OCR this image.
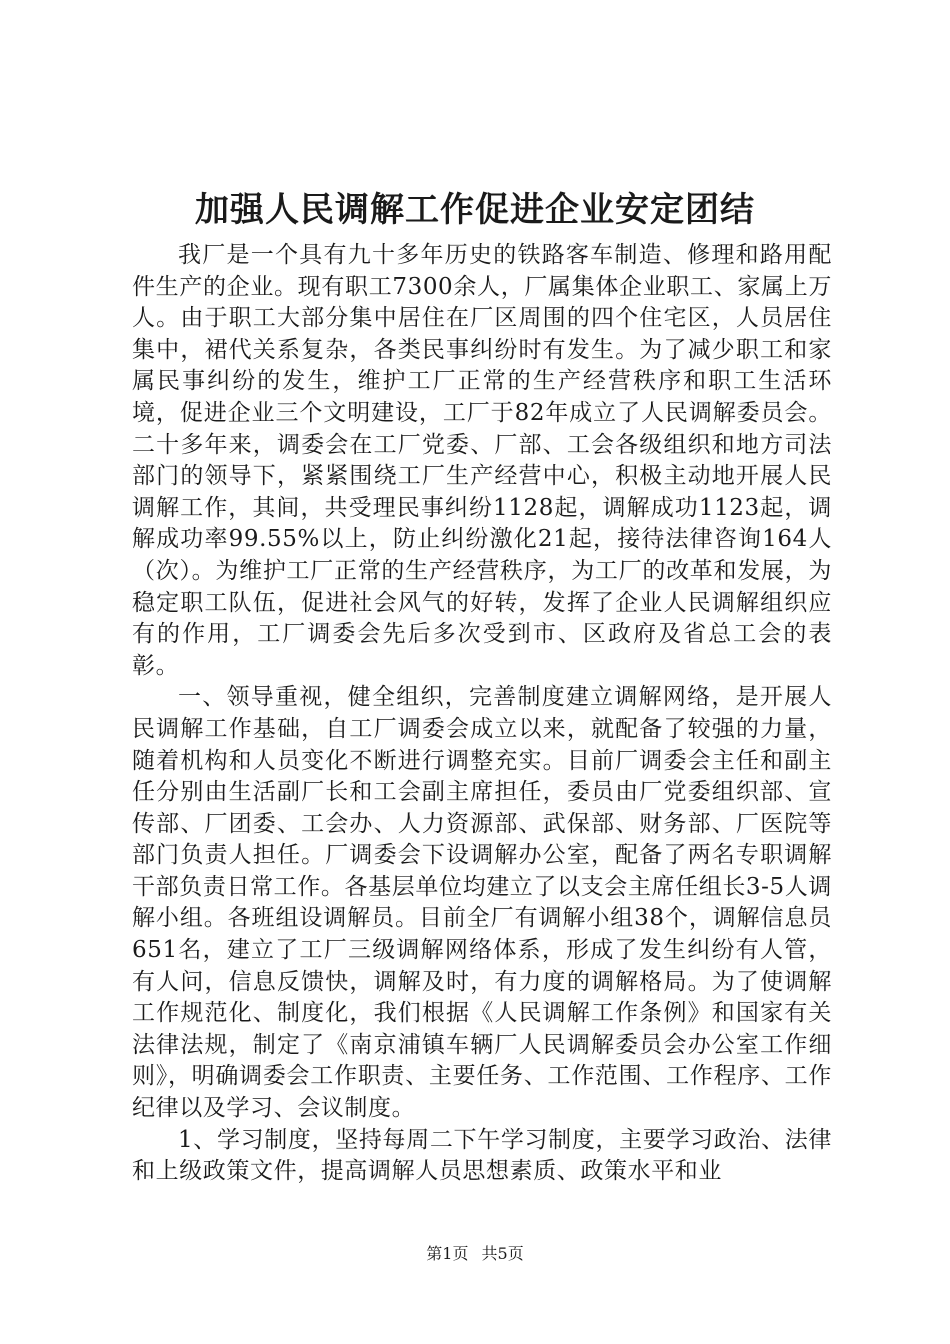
加强人民调解工作促进企业安定团结

我厂是一个具有九十多年历史的铁路客车制造、修理和路用配件生产的企业。现有职工7300余人，厂属集体企业职工、家属上万人。由于职工大部分集中居住在厂区周围的四个住宅区，人员居住集中，裙代关系复杂，各类民事纠纷时有发生。为了减少职工和家属民事纠纷的发生，维护工厂正常的生产经营秩序和职工生活环境，促进企业三个文明建设，工厂于82年成立了人民调解委员会。二十多年来，调委会在工厂党委、厂部、工会各级组织和地方司法部门的领导下，紧紧围绕工厂生产经营中心，积极主动地开展人民调解工作，其间，共受理民事纠纷1128起，调解成功1123起，调解成功率99.55%以上，防止纠纷激化21起，接待法律咨询164人（次）。为维护工厂正常的生产经营秩序，为工厂的改革和发展，为稳定职工队伍，促进社会风气的好转，发挥了企业人民调解组织应有的作用，工厂调委会先后多次受到市、区政府及省总工会的表彰。

一、领导重视，健全组织，完善制度建立调解网络，是开展人民调解工作基础，自工厂调委会成立以来，就配备了较强的力量，随着机构和人员变化不断进行调整充实。目前厂调委会主任和副主任分别由生活副厂长和工会副主席担任，委员由厂党委组织部、宣传部、厂团委、工会办、人力资源部、武保部、财务部、厂医院等部门负责人担任。厂调委会下设调解办公室，配备了两名专职调解干部负责日常工作。各基层单位均建立了以支会主席任组长3-5人调解小组。各班组设调解员。目前全厂有调解小组38个，调解信息员651名，建立了工厂三级调解网络体系，形成了发生纠纷有人管，有人问，信息反馈快，调解及时，有力度的调解格局。为了使调解工作规范化、制度化，我们根据《人民调解工作条例》和国家有关法律法规，制定了《南京浦镇车辆厂人民调解委员会办公室工作细则》，明确调委会工作职责、主要任务、工作范围、工作程序、工作纪律以及学习、会议制度。

1、学习制度，坚持每周二下午学习制度，主要学习政治、法律和上级政策文件，提高调解人员思想素质、政策水平和业

第1页 共5页
